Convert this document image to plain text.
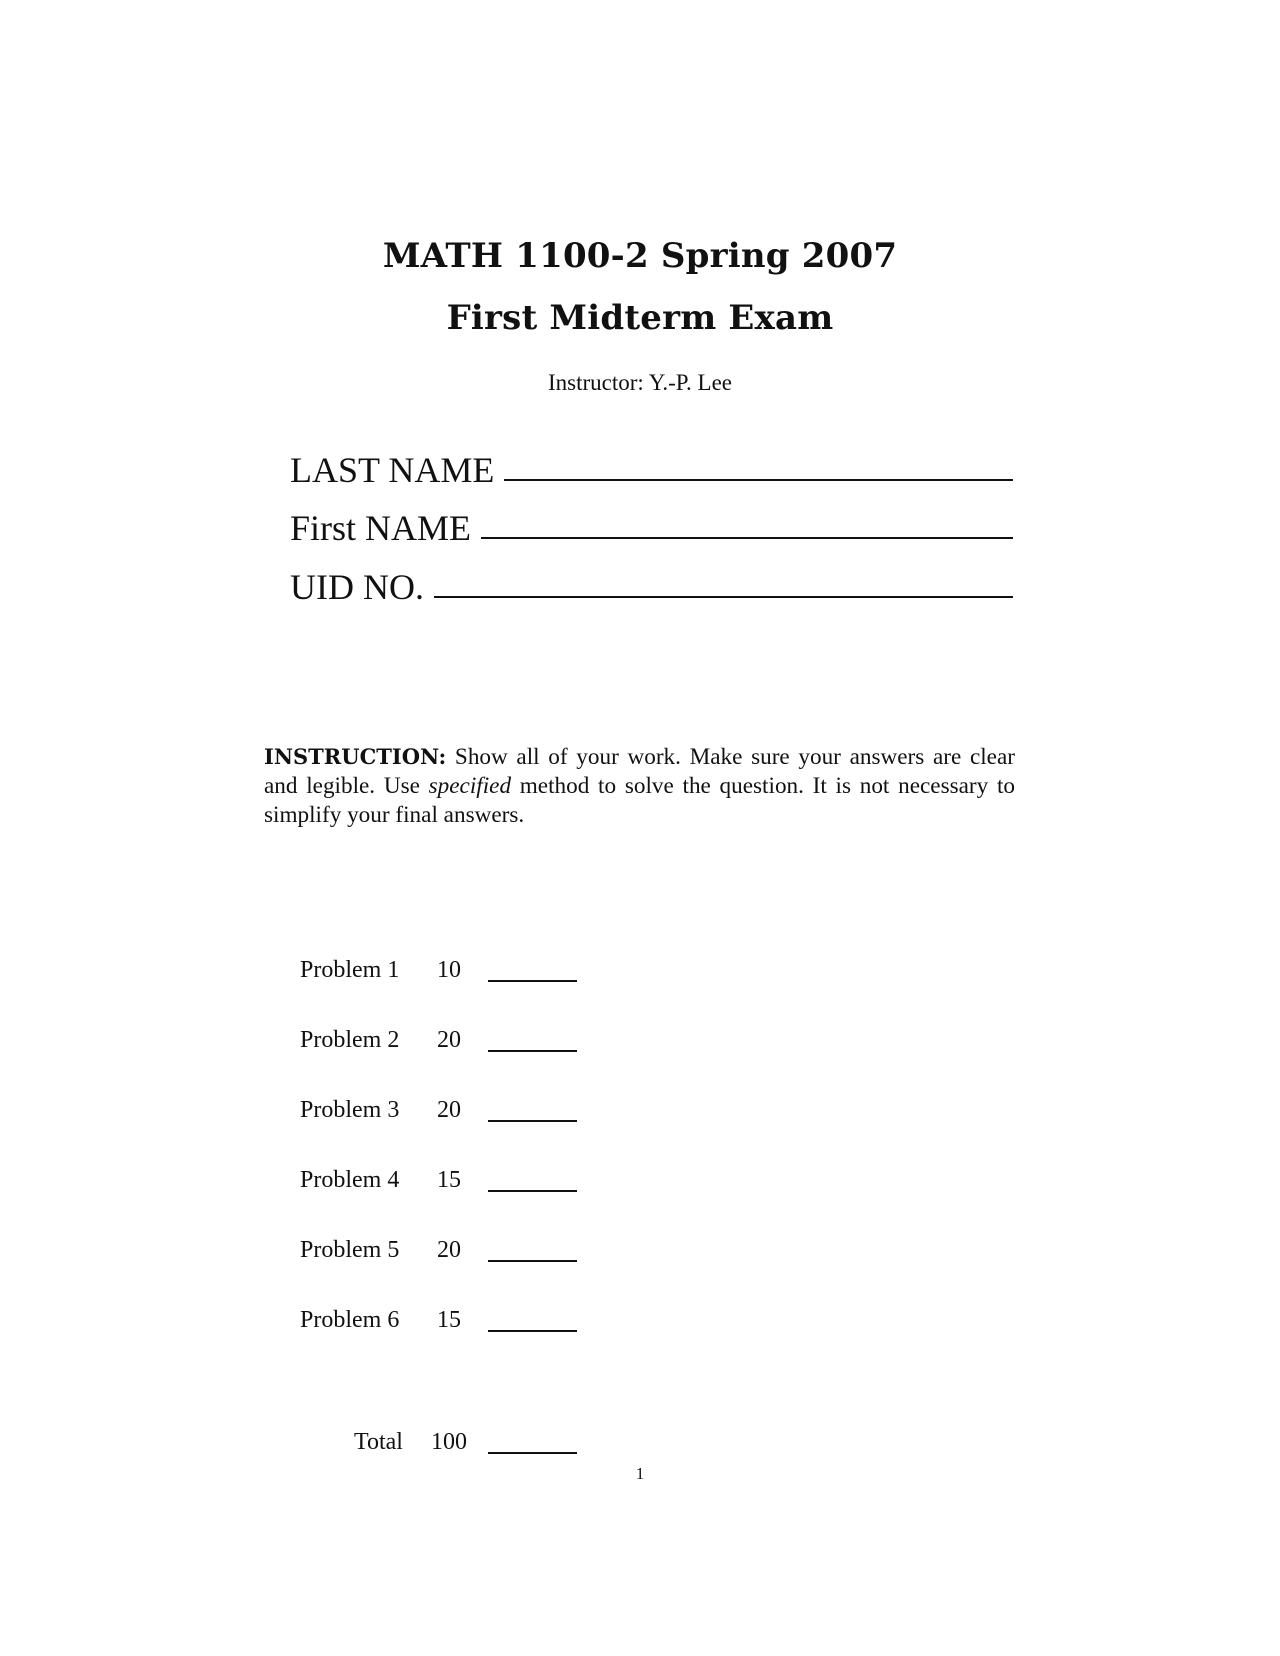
MATH 1100-2 Spring 2007
First Midterm Exam
Instructor: Y.-P. Lee
LAST NAME
First NAME
UID NO.
INSTRUCTION: Show all of your work. Make sure your answers are clear and legible. Use specified method to solve the question. It is not necessary to simplify your final answers.
Problem 1	10
Problem 2	20
Problem 3	20
Problem 4	15
Problem 5	20
Problem 6	15
Total 100
1
